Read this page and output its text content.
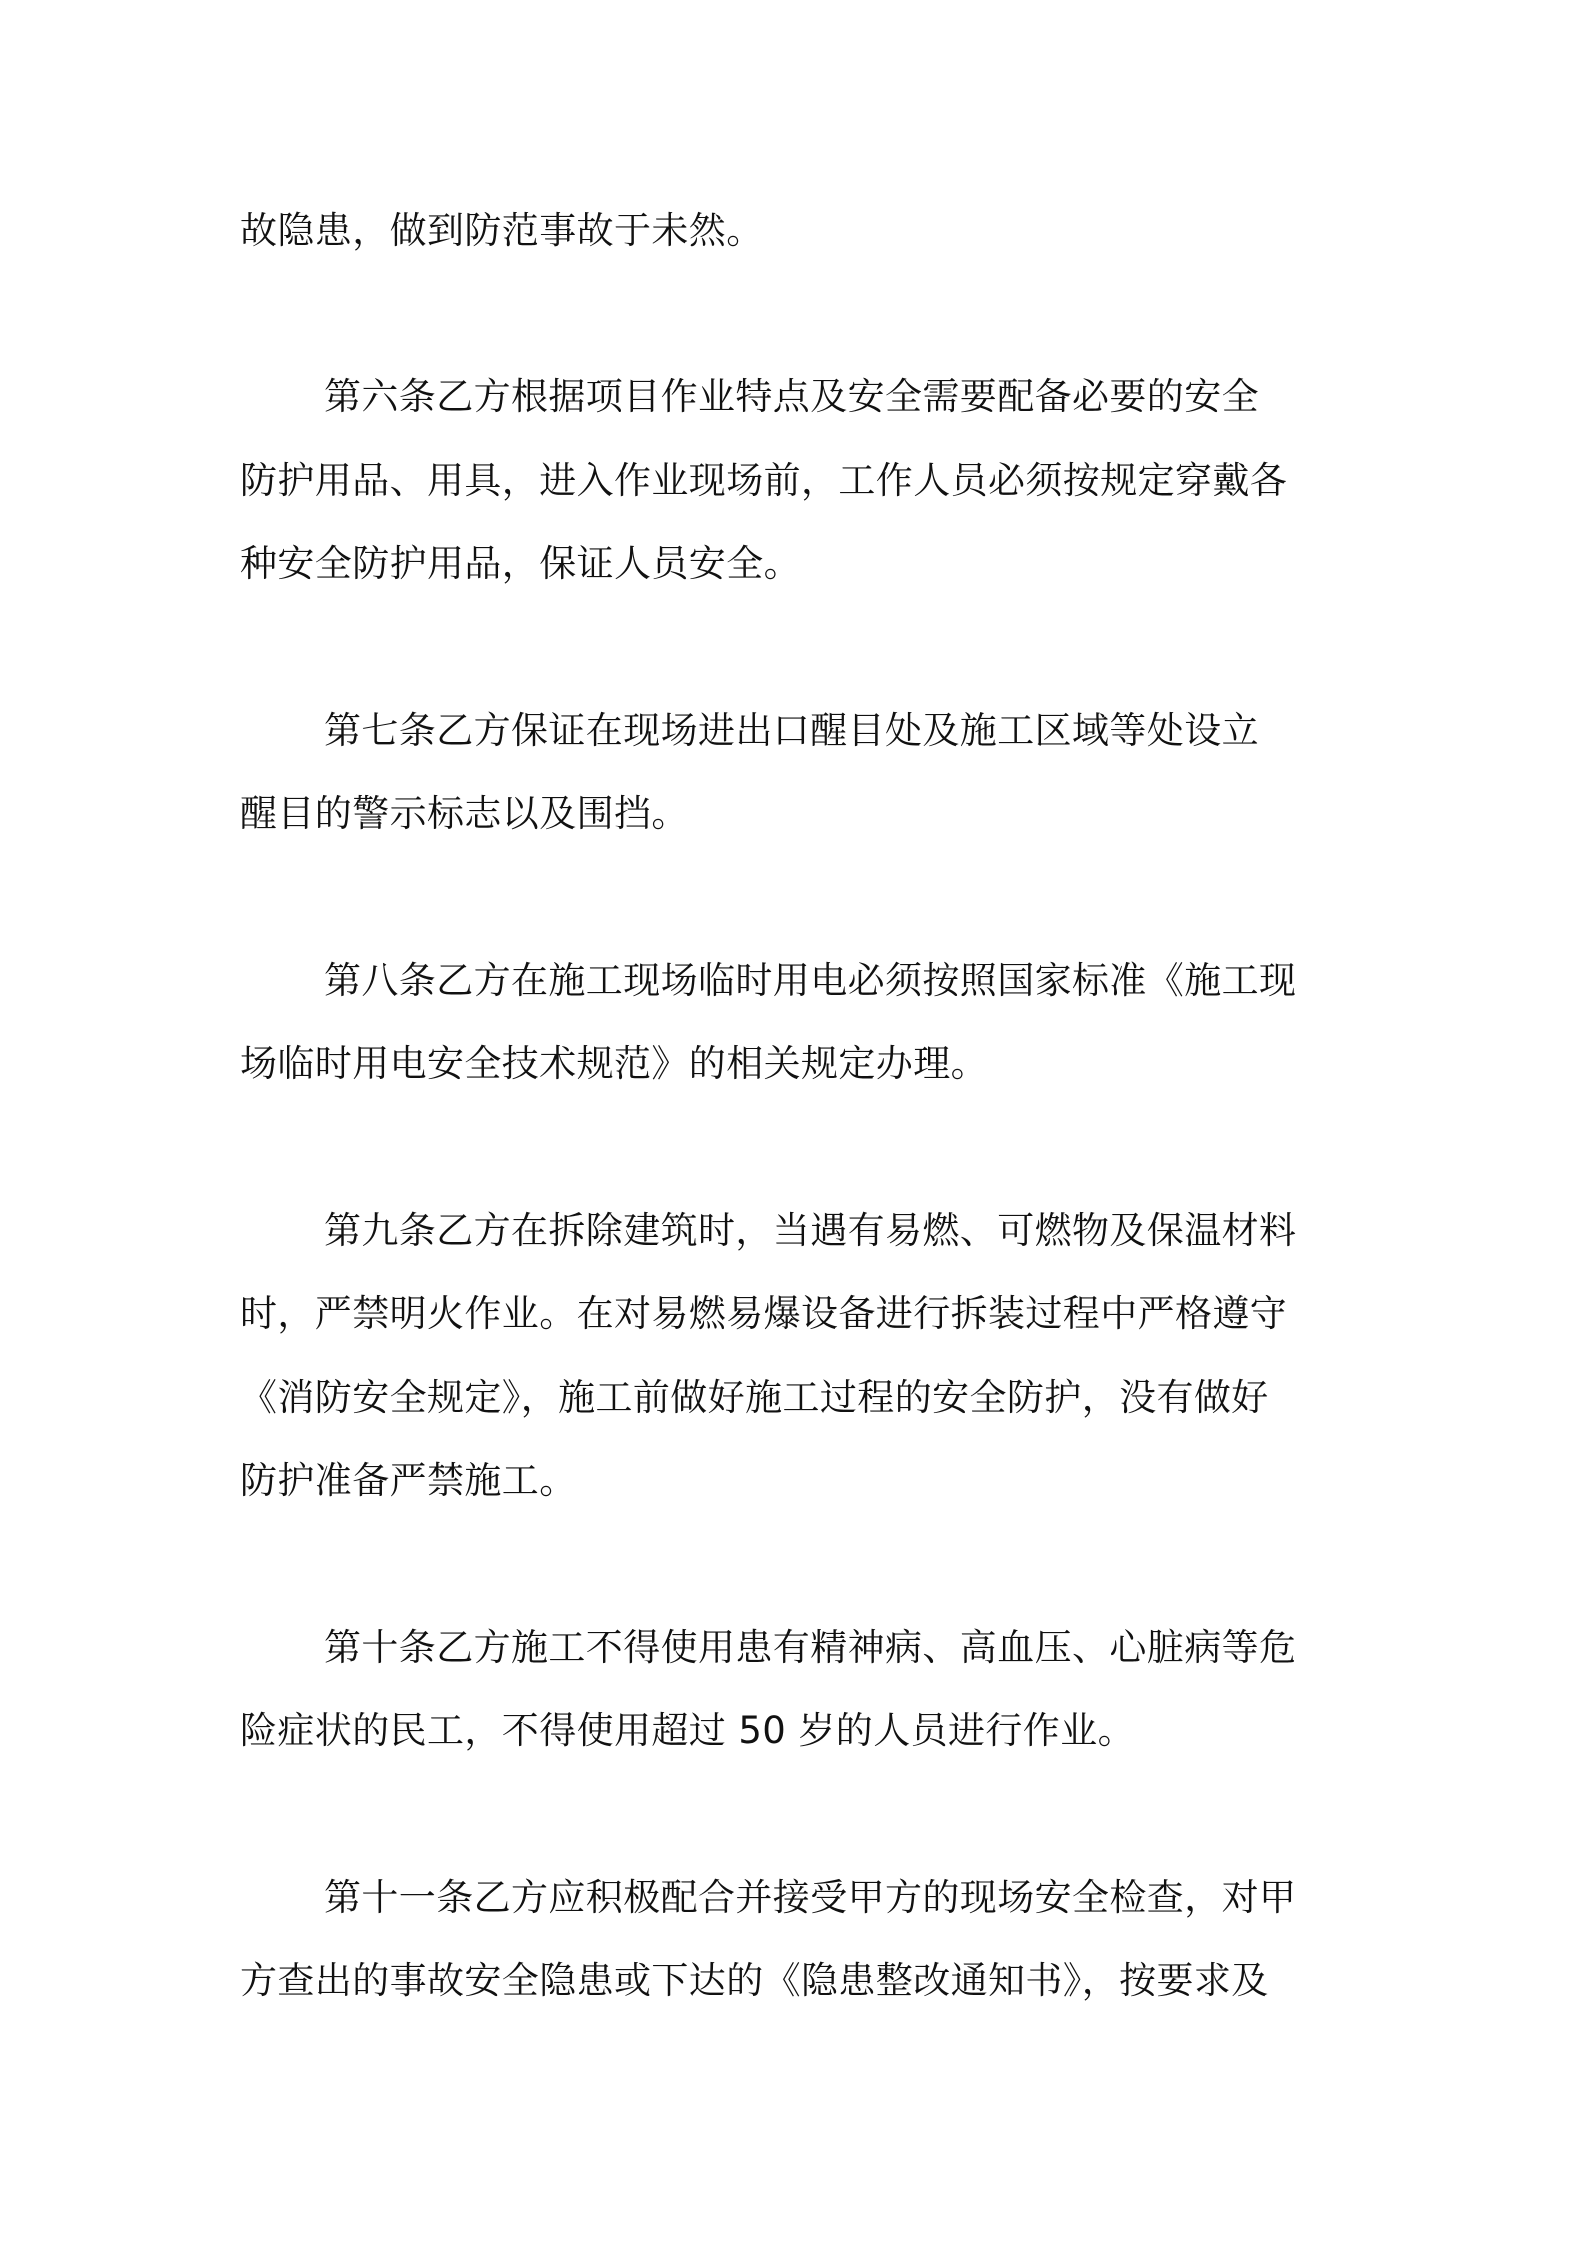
故隐患，做到防范事故于未然。
第六条乙方根据项目作业特点及安全需要配备必要的安全
防护用品、用具，进入作业现场前，工作人员必须按规定穿戴各
种安全防护用品，保证人员安全。
第七条乙方保证在现场进出口醒目处及施工区域等处设立
醒目的警示标志以及围挡。
第八条乙方在施工现场临时用电必须按照国家标准《施工现
场临时用电安全技术规范》的相关规定办理。
第九条乙方在拆除建筑时，当遇有易燃、可燃物及保温材料
时，严禁明火作业。在对易燃易爆设备进行拆装过程中严格遵守
《消防安全规定》，施工前做好施工过程的安全防护，没有做好
防护准备严禁施工。
第十条乙方施工不得使用患有精神病、高血压、心脏病等危
险症状的民工，不得使用超过 50 岁的人员进行作业。
第十一条乙方应积极配合并接受甲方的现场安全检查，对甲
方查出的事故安全隐患或下达的《隐患整改通知书》，按要求及
